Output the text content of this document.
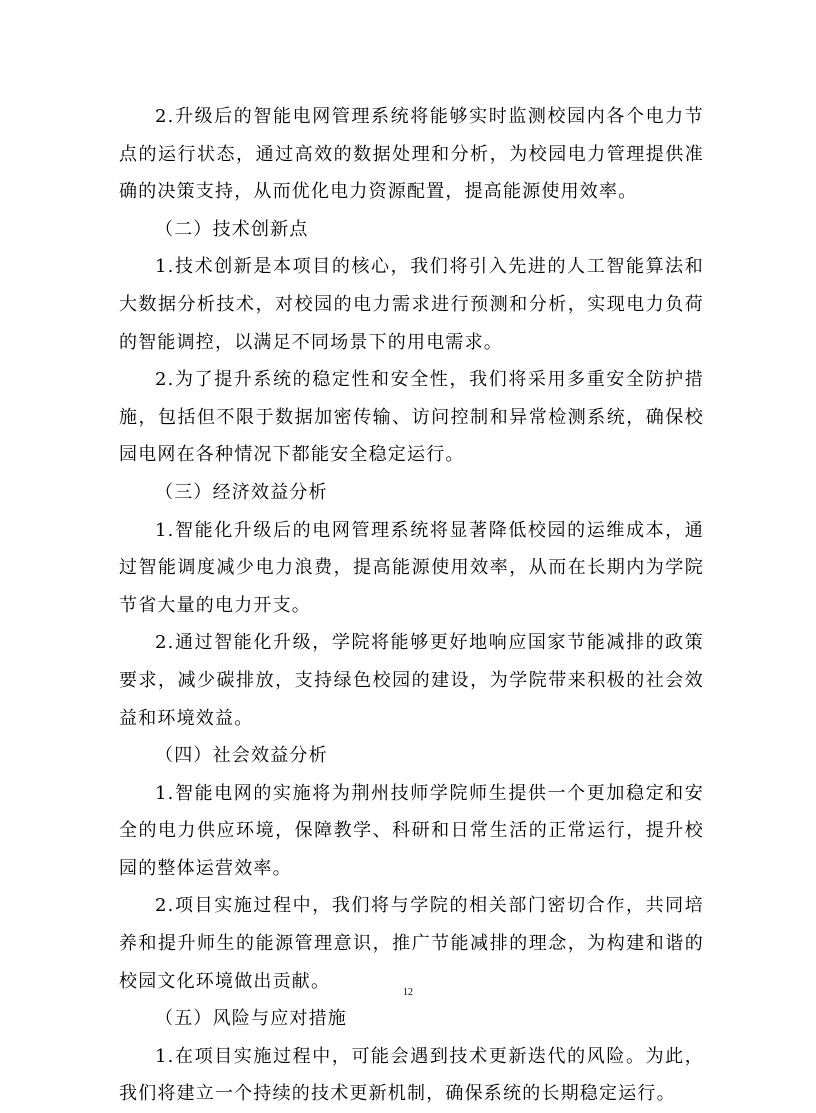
2.升级后的智能电网管理系统将能够实时监测校园内各个电力节点的运行状态，通过高效的数据处理和分析，为校园电力管理提供准确的决策支持，从而优化电力资源配置，提高能源使用效率。

（二）技术创新点

1.技术创新是本项目的核心，我们将引入先进的人工智能算法和大数据分析技术，对校园的电力需求进行预测和分析，实现电力负荷的智能调控，以满足不同场景下的用电需求。

2.为了提升系统的稳定性和安全性，我们将采用多重安全防护措施，包括但不限于数据加密传输、访问控制和异常检测系统，确保校园电网在各种情况下都能安全稳定运行。

（三）经济效益分析

1.智能化升级后的电网管理系统将显著降低校园的运维成本，通过智能调度减少电力浪费，提高能源使用效率，从而在长期内为学院节省大量的电力开支。

2.通过智能化升级，学院将能够更好地响应国家节能减排的政策要求，减少碳排放，支持绿色校园的建设，为学院带来积极的社会效益和环境效益。

（四）社会效益分析

1.智能电网的实施将为荆州技师学院师生提供一个更加稳定和安全的电力供应环境，保障教学、科研和日常生活的正常运行，提升校园的整体运营效率。

2.项目实施过程中，我们将与学院的相关部门密切合作，共同培养和提升师生的能源管理意识，推广节能减排的理念，为构建和谐的校园文化环境做出贡献。

（五）风险与应对措施

1.在项目实施过程中，可能会遇到技术更新迭代的风险。为此，我们将建立一个持续的技术更新机制，确保系统的长期稳定运行。

12
